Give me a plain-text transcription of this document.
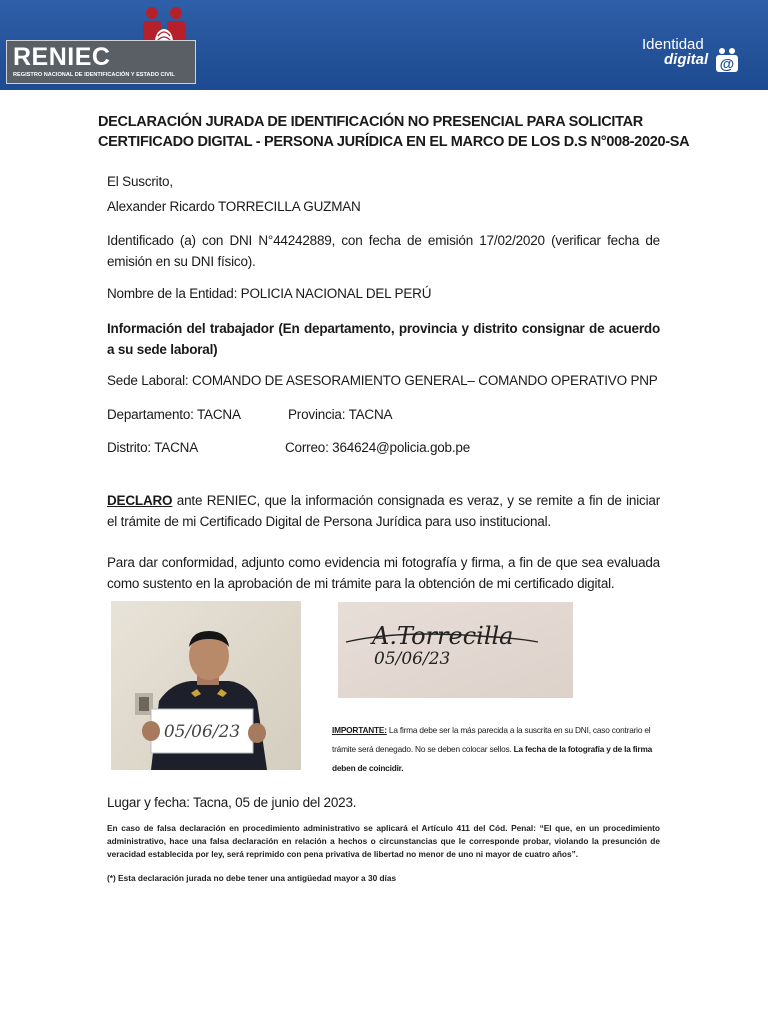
RENIEC
REGISTRO NACIONAL DE IDENTIFICACIÓN Y ESTADO CIVIL
Identidad
digital @
DECLARACIÓN JURADA DE IDENTIFICACIÓN NO PRESENCIAL PARA SOLICITAR CERTIFICADO DIGITAL - PERSONA JURÍDICA EN EL MARCO DE LOS D.S N°008-2020-SA
El Suscrito,
Alexander Ricardo TORRECILLA GUZMAN
Identificado (a) con DNI N°44242889, con fecha de emisión 17/02/2020 (verificar fecha de emisión en su DNI físico).
Nombre de la Entidad: POLICIA NACIONAL DEL PERÚ
Información del trabajador (En departamento, provincia y distrito consignar de acuerdo a su sede laboral)
Sede Laboral: COMANDO DE ASESORAMIENTO GENERAL– COMANDO OPERATIVO PNP
Departamento: TACNA	Provincia: TACNA
Distrito: TACNA	Correo: 364624@policia.gob.pe
DECLARO ante RENIEC, que la información consignada es veraz, y se remite a fin de iniciar el trámite de mi Certificado Digital de Persona Jurídica para uso institucional.
Para dar conformidad, adjunto como evidencia mi fotografía y firma, a fin de que sea evaluada como sustento en la aprobación de mi trámite para la obtención de mi certificado digital.
05/06/23
A.Torrecilla
05/06/23
IMPORTANTE: La firma debe ser la más parecida a la suscrita en su DNI, caso contrario el trámite será denegado. No se deben colocar sellos. La fecha de la fotografía y de la firma deben de coincidir.
Lugar y fecha: Tacna, 05 de junio del 2023.
En caso de falsa declaración en procedimiento administrativo se aplicará el Artículo 411 del Cód. Penal: “El que, en un procedimiento administrativo, hace una falsa declaración en relación a hechos o circunstancias que le corresponde probar, violando la presunción de veracidad establecida por ley, será reprimido con pena privativa de libertad no menor de uno ni mayor de cuatro años”.
(*) Esta declaración jurada no debe tener una antigüedad mayor a 30 días
